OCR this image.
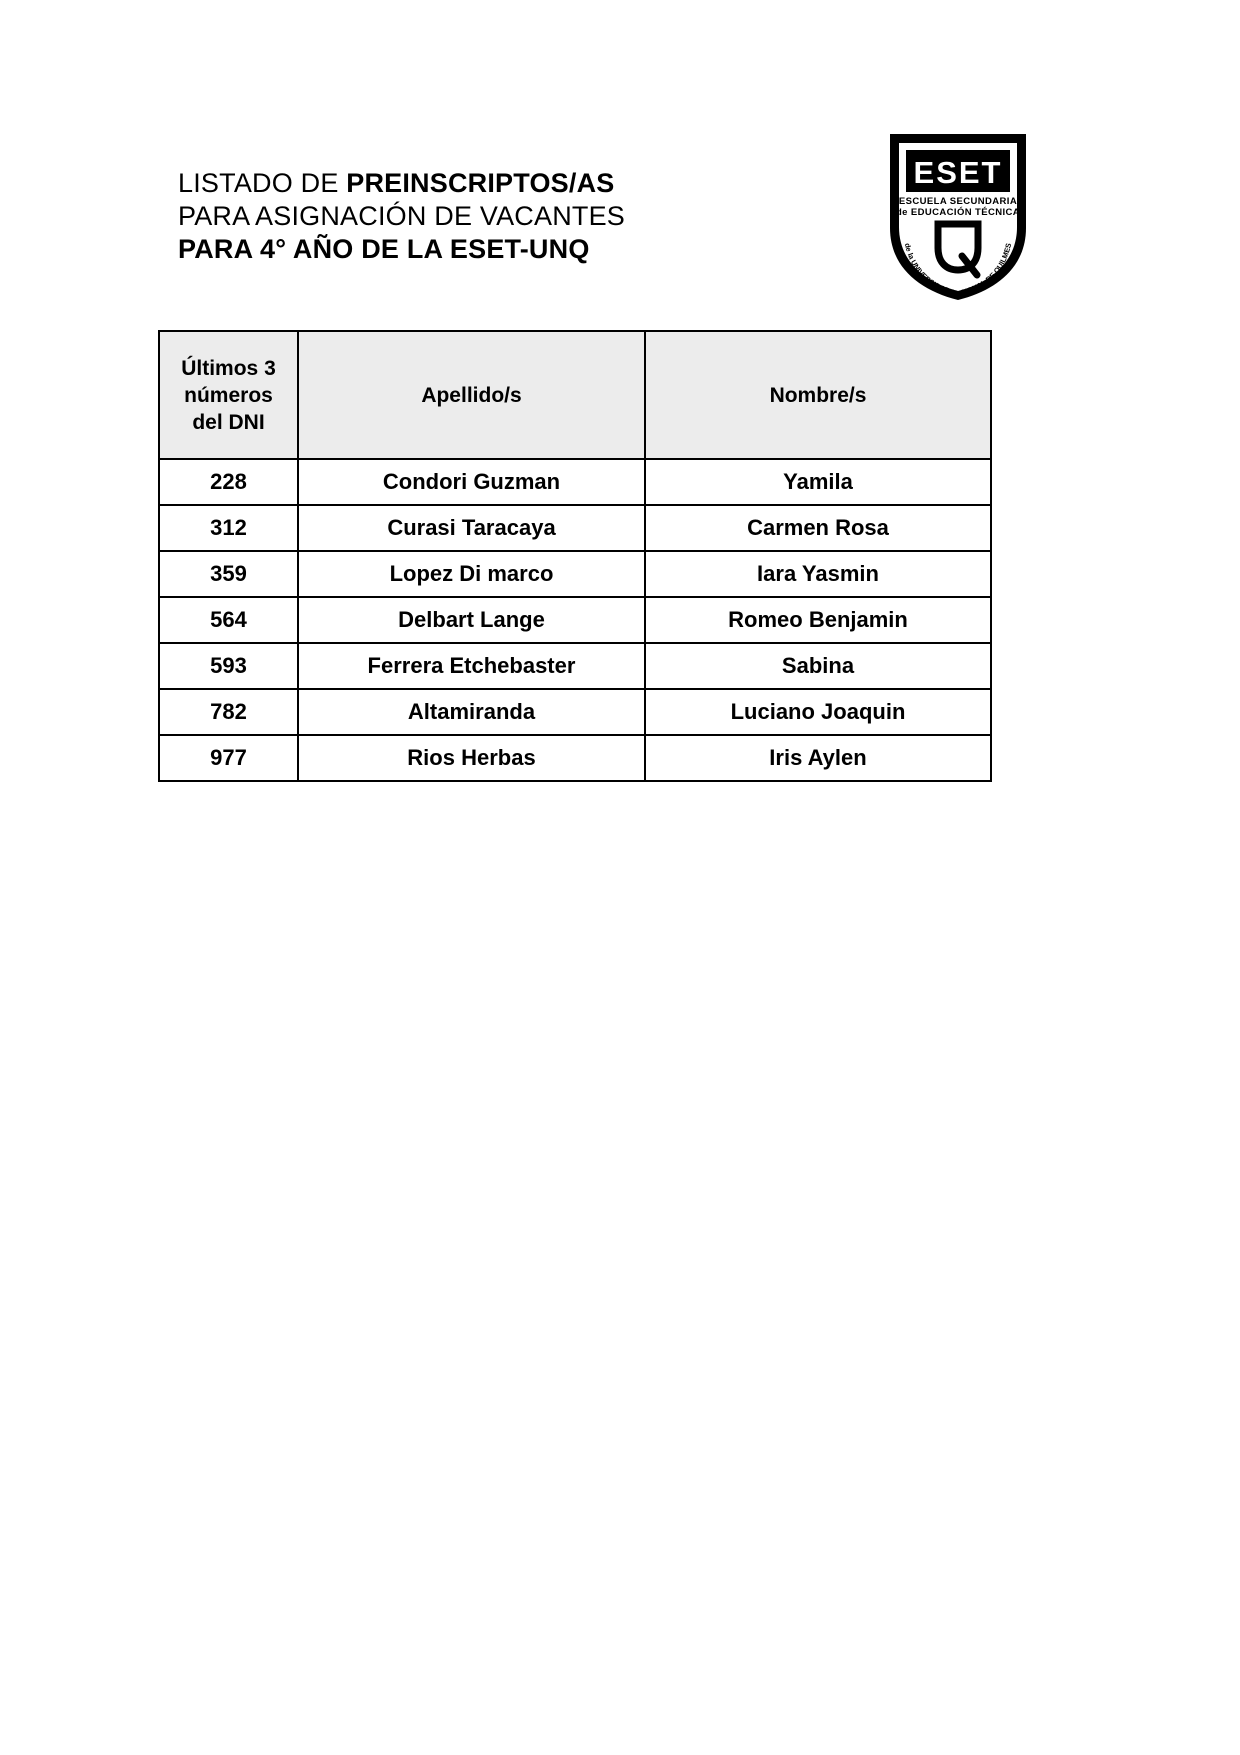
LISTADO DE PREINSCRIPTOS/AS
PARA ASIGNACIÓN DE VACANTES
PARA 4° AÑO DE LA ESET-UNQ
ESET
ESCUELA SECUNDARIA
de EDUCACIÓN TÉCNICA
de la UNIVERSIDAD NACIONAL DE QUILMES
Últimos 3
números
del DNI	Apellido/s	Nombre/s
228	Condori Guzman	Yamila
312	Curasi Taracaya	Carmen Rosa
359	Lopez Di marco	Iara Yasmin
564	Delbart Lange	Romeo Benjamin
593	Ferrera Etchebaster	Sabina
782	Altamiranda	Luciano Joaquin
977	Rios Herbas	Iris Aylen
